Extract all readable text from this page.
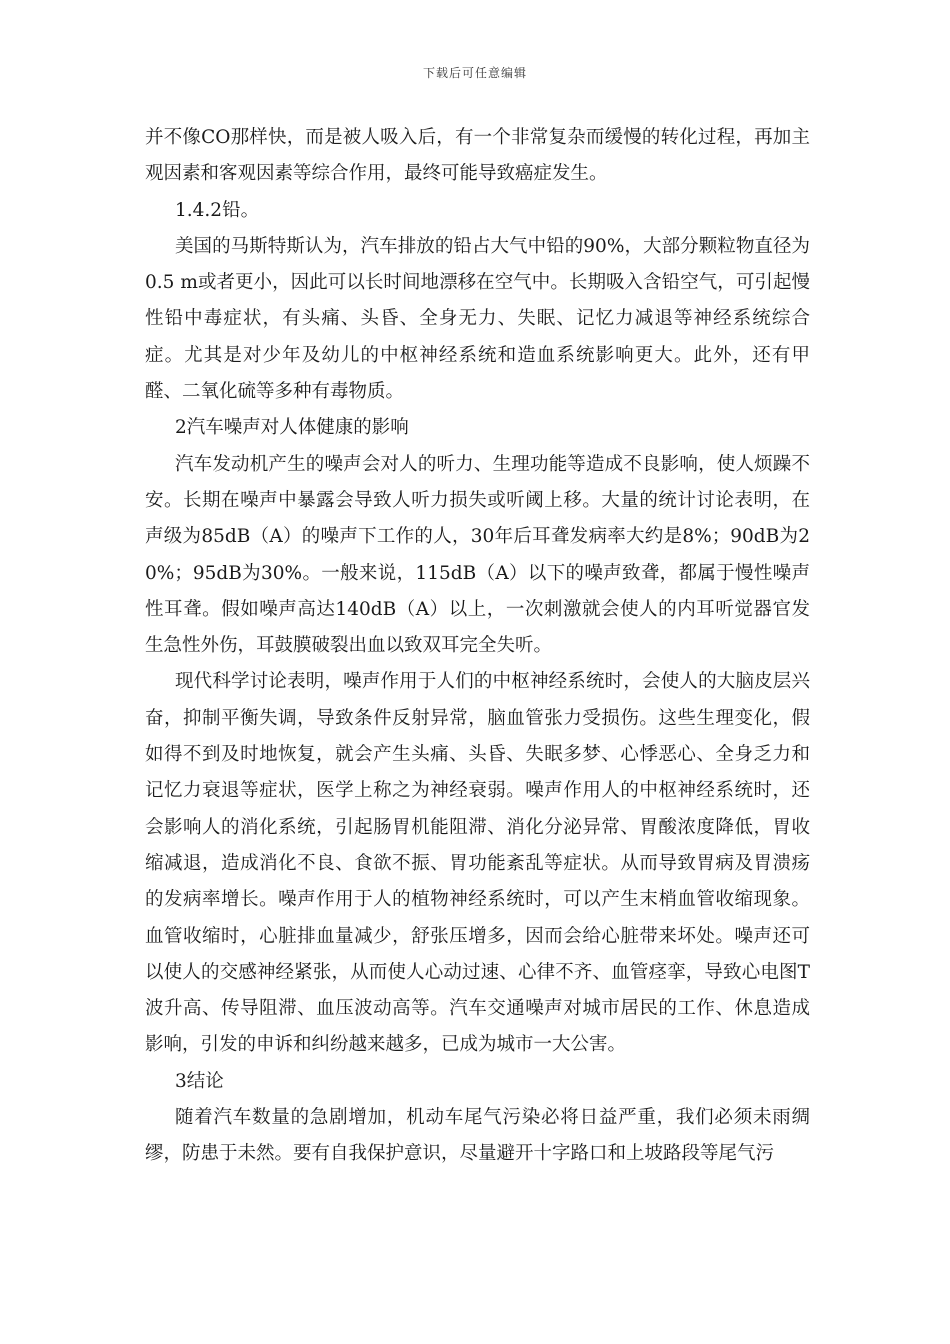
下载后可任意编辑

并不像CO那样快，而是被人吸入后，有一个非常复杂而缓慢的转化过程，再加主观因素和客观因素等综合作用，最终可能导致癌症发生。

1.4.2铅。

美国的马斯特斯认为，汽车排放的铅占大气中铅的90%，大部分颗粒物直径为0.5 m或者更小，因此可以长时间地漂移在空气中。长期吸入含铅空气，可引起慢性铅中毒症状，有头痛、头昏、全身无力、失眠、记忆力减退等神经系统综合症。尤其是对少年及幼儿的中枢神经系统和造血系统影响更大。此外，还有甲醛、二氧化硫等多种有毒物质。

2汽车噪声对人体健康的影响

汽车发动机产生的噪声会对人的听力、生理功能等造成不良影响，使人烦躁不安。长期在噪声中暴露会导致人听力损失或听阈上移。大量的统计讨论表明，在声级为85dB（A）的噪声下工作的人，30年后耳聋发病率大约是8%；90dB为20%；95dB为30%。一般来说，115dB（A）以下的噪声致聋，都属于慢性噪声性耳聋。假如噪声高达140dB（A）以上，一次刺激就会使人的内耳听觉器官发生急性外伤，耳鼓膜破裂出血以致双耳完全失听。

现代科学讨论表明，噪声作用于人们的中枢神经系统时，会使人的大脑皮层兴奋，抑制平衡失调，导致条件反射异常，脑血管张力受损伤。这些生理变化，假如得不到及时地恢复，就会产生头痛、头昏、失眠多梦、心悸恶心、全身乏力和记忆力衰退等症状，医学上称之为神经衰弱。噪声作用人的中枢神经系统时，还会影响人的消化系统，引起肠胃机能阻滞、消化分泌异常、胃酸浓度降低，胃收缩减退，造成消化不良、食欲不振、胃功能紊乱等症状。从而导致胃病及胃溃疡的发病率增长。噪声作用于人的植物神经系统时，可以产生末梢血管收缩现象。血管收缩时，心脏排血量减少，舒张压增多，因而会给心脏带来坏处。噪声还可以使人的交感神经紧张，从而使人心动过速、心律不齐、血管痉挛，导致心电图T波升高、传导阻滞、血压波动高等。汽车交通噪声对城市居民的工作、休息造成影响，引发的申诉和纠纷越来越多，已成为城市一大公害。

3结论

随着汽车数量的急剧增加，机动车尾气污染必将日益严重，我们必须未雨绸缪，防患于未然。要有自我保护意识，尽量避开十字路口和上坡路段等尾气污
